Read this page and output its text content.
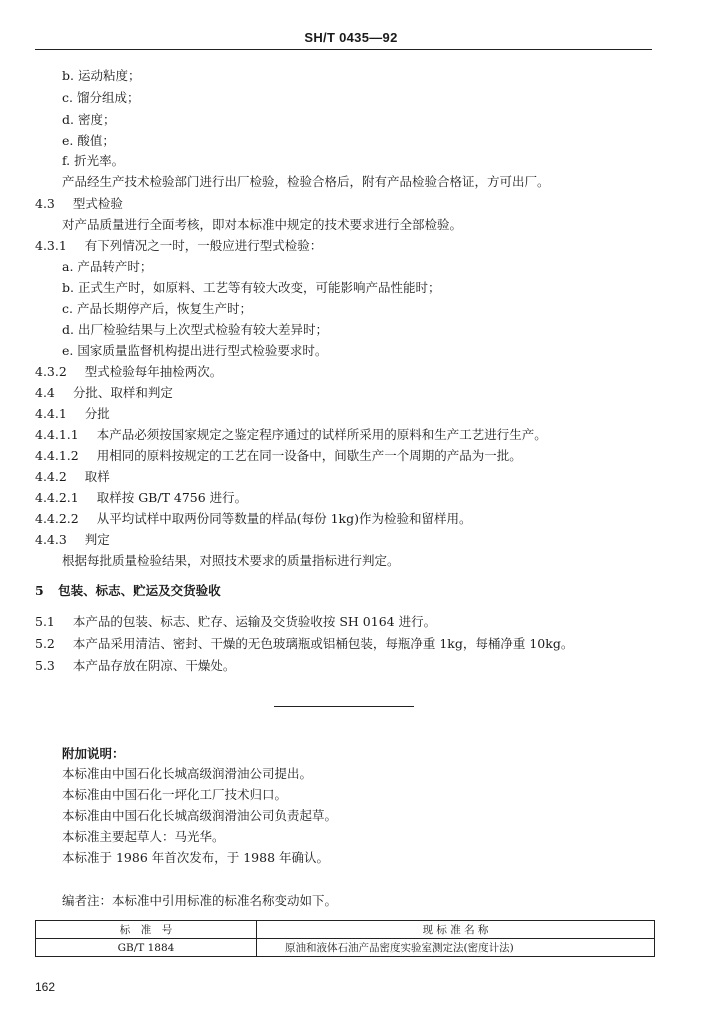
SH/T 0435—92
b. 运动粘度；
c. 馏分组成；
d. 密度；
e. 酸值；
f. 折光率。
产品经生产技术检验部门进行出厂检验，检验合格后，附有产品检验合格证，方可出厂。
4.3 型式检验
对产品质量进行全面考核，即对本标准中规定的技术要求进行全部检验。
4.3.1 有下列情况之一时，一般应进行型式检验：
a. 产品转产时；
b. 正式生产时，如原料、工艺等有较大改变，可能影响产品性能时；
c. 产品长期停产后，恢复生产时；
d. 出厂检验结果与上次型式检验有较大差异时；
e. 国家质量监督机构提出进行型式检验要求时。
4.3.2 型式检验每年抽检两次。
4.4 分批、取样和判定
4.4.1 分批
4.4.1.1 本产品必须按国家规定之鉴定程序通过的试样所采用的原料和生产工艺进行生产。
4.4.1.2 用相同的原料按规定的工艺在同一设备中，间歇生产一个周期的产品为一批。
4.4.2 取样
4.4.2.1 取样按 GB/T 4756 进行。
4.4.2.2 从平均试样中取两份同等数量的样品(每份 1kg)作为检验和留样用。
4.4.3 判定
根据每批质量检验结果，对照技术要求的质量指标进行判定。
5 包装、标志、贮运及交货验收
5.1 本产品的包装、标志、贮存、运输及交货验收按 SH 0164 进行。
5.2 本产品采用清洁、密封、干燥的无色玻璃瓶或铝桶包装，每瓶净重 1kg，每桶净重 10kg。
5.3 本产品存放在阴凉、干燥处。
附加说明：
本标准由中国石化长城高级润滑油公司提出。
本标准由中国石化一坪化工厂技术归口。
本标准由中国石化长城高级润滑油公司负责起草。
本标准主要起草人：马光华。
本标准于 1986 年首次发布，于 1988 年确认。
编者注：本标准中引用标准的标准名称变动如下。
标　准　号	现 标 准 名 称
GB/T 1884	原油和液体石油产品密度实验室测定法(密度计法)
162
